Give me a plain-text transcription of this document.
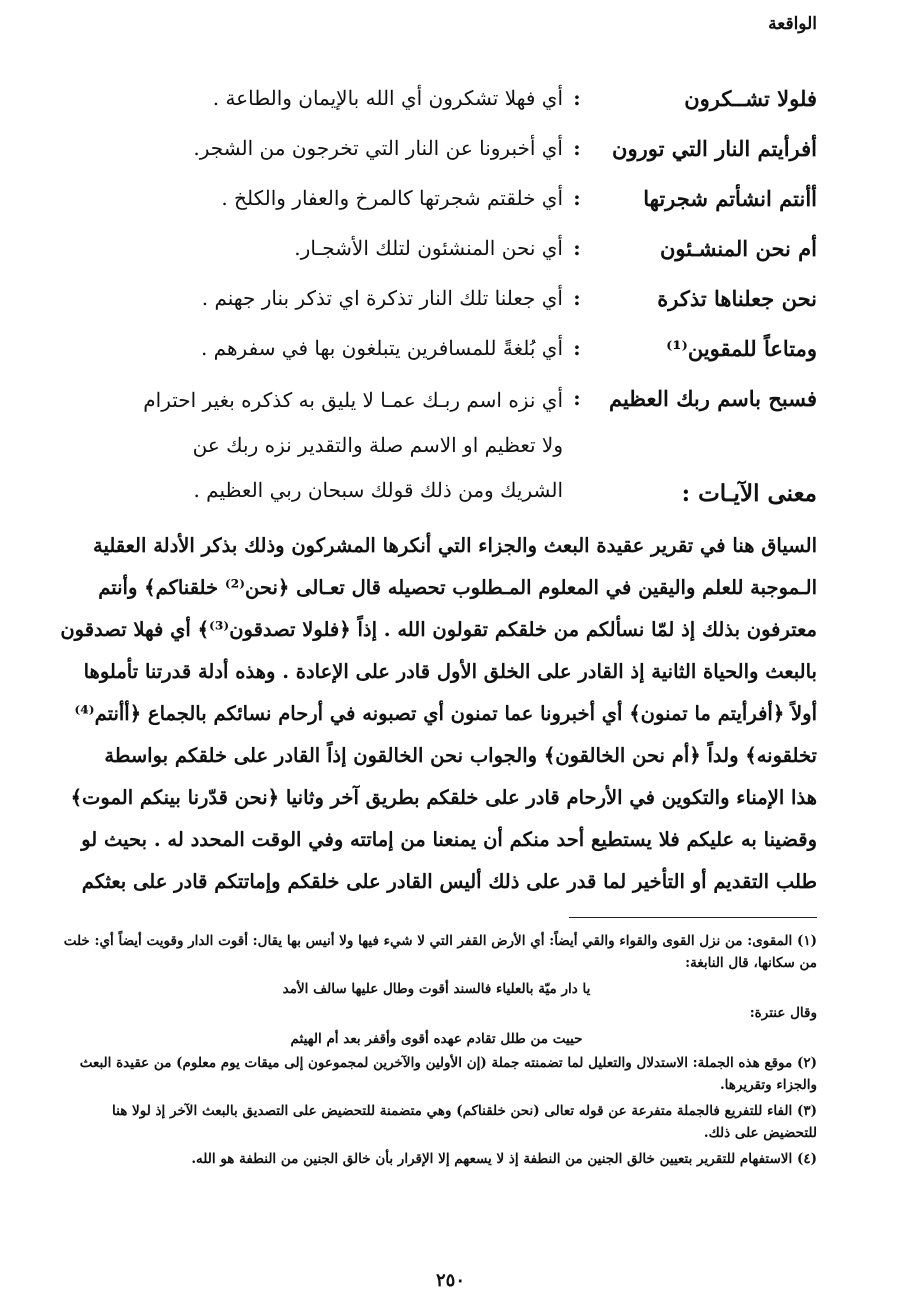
الواقعة
فلولا تشــكرون
:
أي فهلا تشكرون أي الله بالإيمان والطاعة .
أفرأيتم النار التي تورون
:
أي أخبرونا عن النار التي تخرجون من الشجر.
أأنتم انشأتم شجرتها
:
أي خلقتم شجرتها كالمرخ والعفار والكلخ .
أم نحن المنشـئون
:
أي نحن المنشئون لتلك الأشجـار.
نحن جعلناها تذكرة
:
أي جعلنا تلك النار تذكرة اي تذكر بنار جهنم .
ومتاعاً للمقوين⁽¹⁾
:
أي بُلغةً للمسافرين يتبلغون بها في سفرهم .
فسبح باسم ربك العظيم
:
أي نزه اسم ربـك عمـا لا يليق به كذكره بغير احترام ولا تعظيم او الاسم صلة والتقدير نزه ربك عن الشريك ومن ذلك قولك سبحان ربي العظيم .	معنى الآيـات :
السياق هنا في تقرير عقيدة البعث والجزاء التي أنكرها المشركون وذلك بذكر الأدلة العقلية
الـموجبة للعلم واليقين في المعلوم المـطلوب تحصيله قال تعـالى ﴿نحن⁽²⁾ خلقناكم﴾ وأنتم
معترفون بذلك إذ لمّا نسألكم من خلقكم تقولون الله . إذاً ﴿فلولا تصدقون⁽³⁾﴾ أي فهلا تصدقون
بالبعث والحياة الثانية إذ القادر على الخلق الأول قادر على الإعادة . وهذه أدلة قدرتنا تأملوها
أولاً ﴿أفرأيتم ما تمنون﴾ أي أخبرونا عما تمنون أي تصبونه في أرحام نسائكم بالجماع ﴿أأنتم⁽⁴⁾
تخلقونه﴾ ولداً ﴿أم نحن الخالقون﴾ والجواب نحن الخالقون إذاً القادر على خلقكم بواسطة
هذا الإمناء والتكوين في الأرحام قادر على خلقكم بطريق آخر وثانيا ﴿نحن قدّرنا بينكم الموت﴾
وقضينا به عليكم فلا يستطيع أحد منكم أن يمنعنا من إماتته وفي الوقت المحدد له . بحيث لو
طلب التقديم أو التأخير لما قدر على ذلك أليس القادر على خلقكم وإماتتكم قادر على بعثكم

(١) المقوى: من نزل القوى والقواء والقي أيضاً: أي الأرض القفر التي لا شيء فيها ولا أنيس بها يقال: أقوت الدار وقويت أيضاً أي: خلت من سكانها، قال النابغة:

يا دار ميّة بالعلياء فالسند أقوت وطال عليها سالف الأمد

وقال عنترة:

حييت من طلل تقادم عهده أقوى وأقفر بعد أم الهيثم

(٢) موقع هذه الجملة: الاستدلال والتعليل لما تضمنته جملة (إن الأولين والآخرين لمجموعون إلى ميقات يوم معلوم) من عقيدة البعث والجزاء وتقريرها.

(٣) الفاء للتفريع فالجملة متفرعة عن قوله تعالى (نحن خلقناكم) وهي متضمنة للتحضيض على التصديق بالبعث الآخر إذ لولا هنا للتحضيض على ذلك.

(٤) الاستفهام للتقرير بتعيين خالق الجنين من النطفة إذ لا يسعهم إلا الإقرار بأن خالق الجنين من النطفة هو الله.

٢٥٠
